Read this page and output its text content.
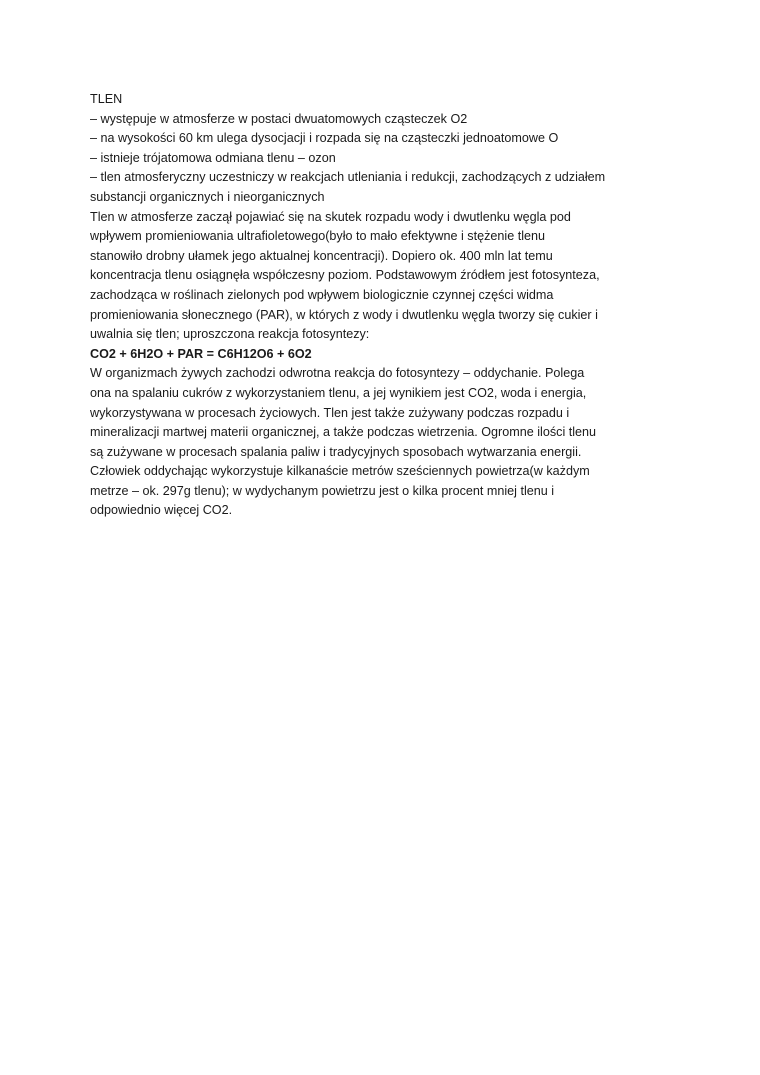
TLEN
– występuje w atmosferze w postaci dwuatomowych cząsteczek O2
– na wysokości 60 km ulega dysocjacji i rozpada się na cząsteczki jednoatomowe O
– istnieje trójatomowa odmiana tlenu – ozon
– tlen atmosferyczny uczestniczy w reakcjach utleniania i redukcji, zachodzących z udziałem
substancji organicznych i nieorganicznych
Tlen w atmosferze zaczął pojawiać się na skutek rozpadu wody i dwutlenku węgla pod
wpływem promieniowania ultrafioletowego(było to mało efektywne i stężenie tlenu
stanowiło drobny ułamek jego aktualnej koncentracji). Dopiero ok. 400 mln lat temu
koncentracja tlenu osiągnęła współczesny poziom. Podstawowym źródłem jest fotosynteza,
zachodząca w roślinach zielonych pod wpływem biologicznie czynnej części widma
promieniowania słonecznego (PAR), w których z wody i dwutlenku węgla tworzy się cukier i
uwalnia się tlen; uproszczona reakcja fotosyntezy:
CO2 + 6H2O + PAR = C6H12O6 + 6O2
W organizmach żywych zachodzi odwrotna reakcja do fotosyntezy – oddychanie. Polega
ona na spalaniu cukrów z wykorzystaniem tlenu, a jej wynikiem jest CO2, woda i energia,
wykorzystywana w procesach życiowych. Tlen jest także zużywany podczas rozpadu i
mineralizacji martwej materii organicznej, a także podczas wietrzenia. Ogromne ilości tlenu
są zużywane w procesach spalania paliw i tradycyjnych sposobach wytwarzania energii.
Człowiek oddychając wykorzystuje kilkanaście metrów sześciennych powietrza(w każdym
metrze – ok. 297g tlenu); w wydychanym powietrzu jest o kilka procent mniej tlenu i
odpowiednio więcej CO2.
